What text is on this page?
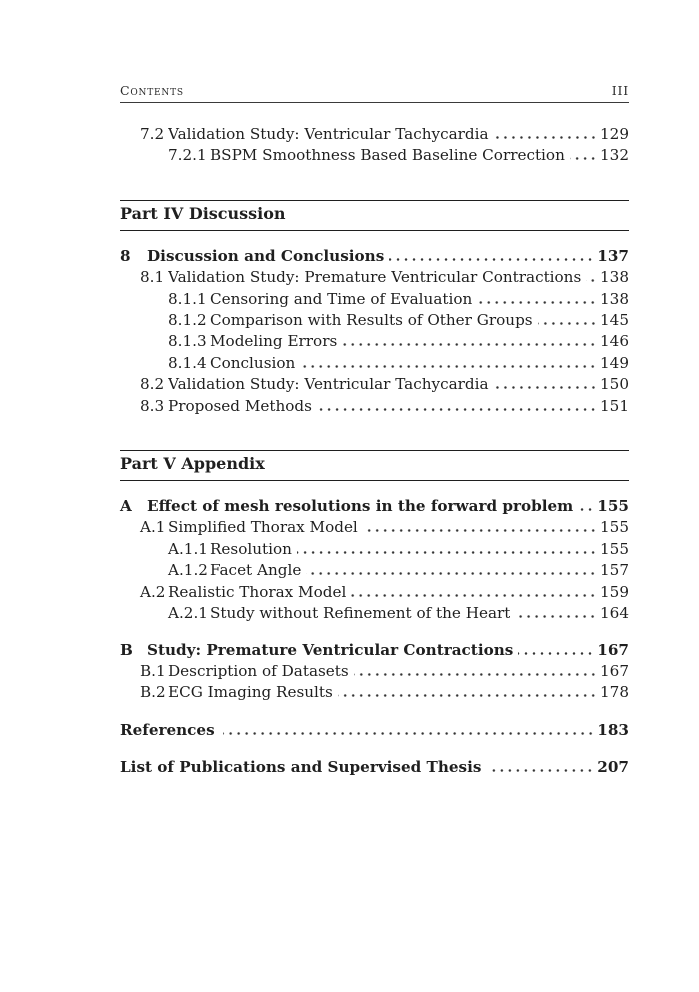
Contents	III
7.2 Validation Study: Ventricular Tachycardia	129
7.2.1 BSPM Smoothness Based Baseline Correction 132
Part IV Discussion
8	Discussion and Conclusions	137
8.1 Validation Study: Premature Ventricular Contractions 138
8.1.1 Censoring and Time of Evaluation	138
8.1.2 Comparison with Results of Other Groups	145
8.1.3 Modeling Errors	146
8.1.4 Conclusion	149
8.2 Validation Study: Ventricular Tachycardia	150
8.3 Proposed Methods	151
Part V Appendix
A	Effect of mesh resolutions in the forward problem 155
A.1 Simplified Thorax Model	155
A.1.1 Resolution	155
A.1.2 Facet Angle	157
A.2 Realistic Thorax Model	159
A.2.1 Study without Refinement of the Heart	164
B Study: Premature Ventricular Contractions	167
B.1 Description of Datasets	167
B.2 ECG Imaging Results	178
References	183
List of Publications and Supervised Thesis	207
